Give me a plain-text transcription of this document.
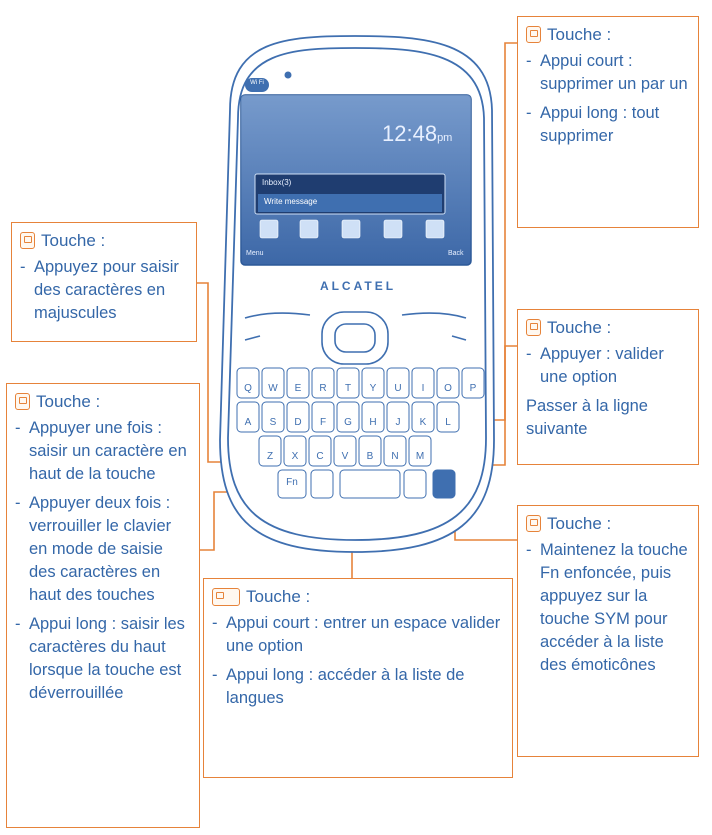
ALCATEL
12:48pm
Inbox(3)
Write message
Menu	Back
Wi Fi
Q	W	E	R	T	Y	U	I	O	P
A	S	D	F	G	H	J	K	L
Z	X	C	V	B	N	M
Fn
Touche :
- Appui court : supprimer un par un
- Appui long : tout supprimer
Touche :
- Appuyez pour saisir des caractères en majuscules
Touche :
- Appuyer : valider une option
Passer à la ligne suivante
Touche :
- Appuyer une fois : saisir un caractère en haut de la touche
- Appuyer deux fois : verrouiller le clavier en mode de saisie des caractères en haut des touches
- Appui long : saisir les caractères du haut lorsque la touche est déverrouillée
Touche :
- Maintenez la touche Fn enfoncée, puis appuyez sur la touche SYM pour accéder à la liste des émoticônes
Touche :
- Appui court : entrer un espace valider une option
- Appui long : accéder à la liste de langues
